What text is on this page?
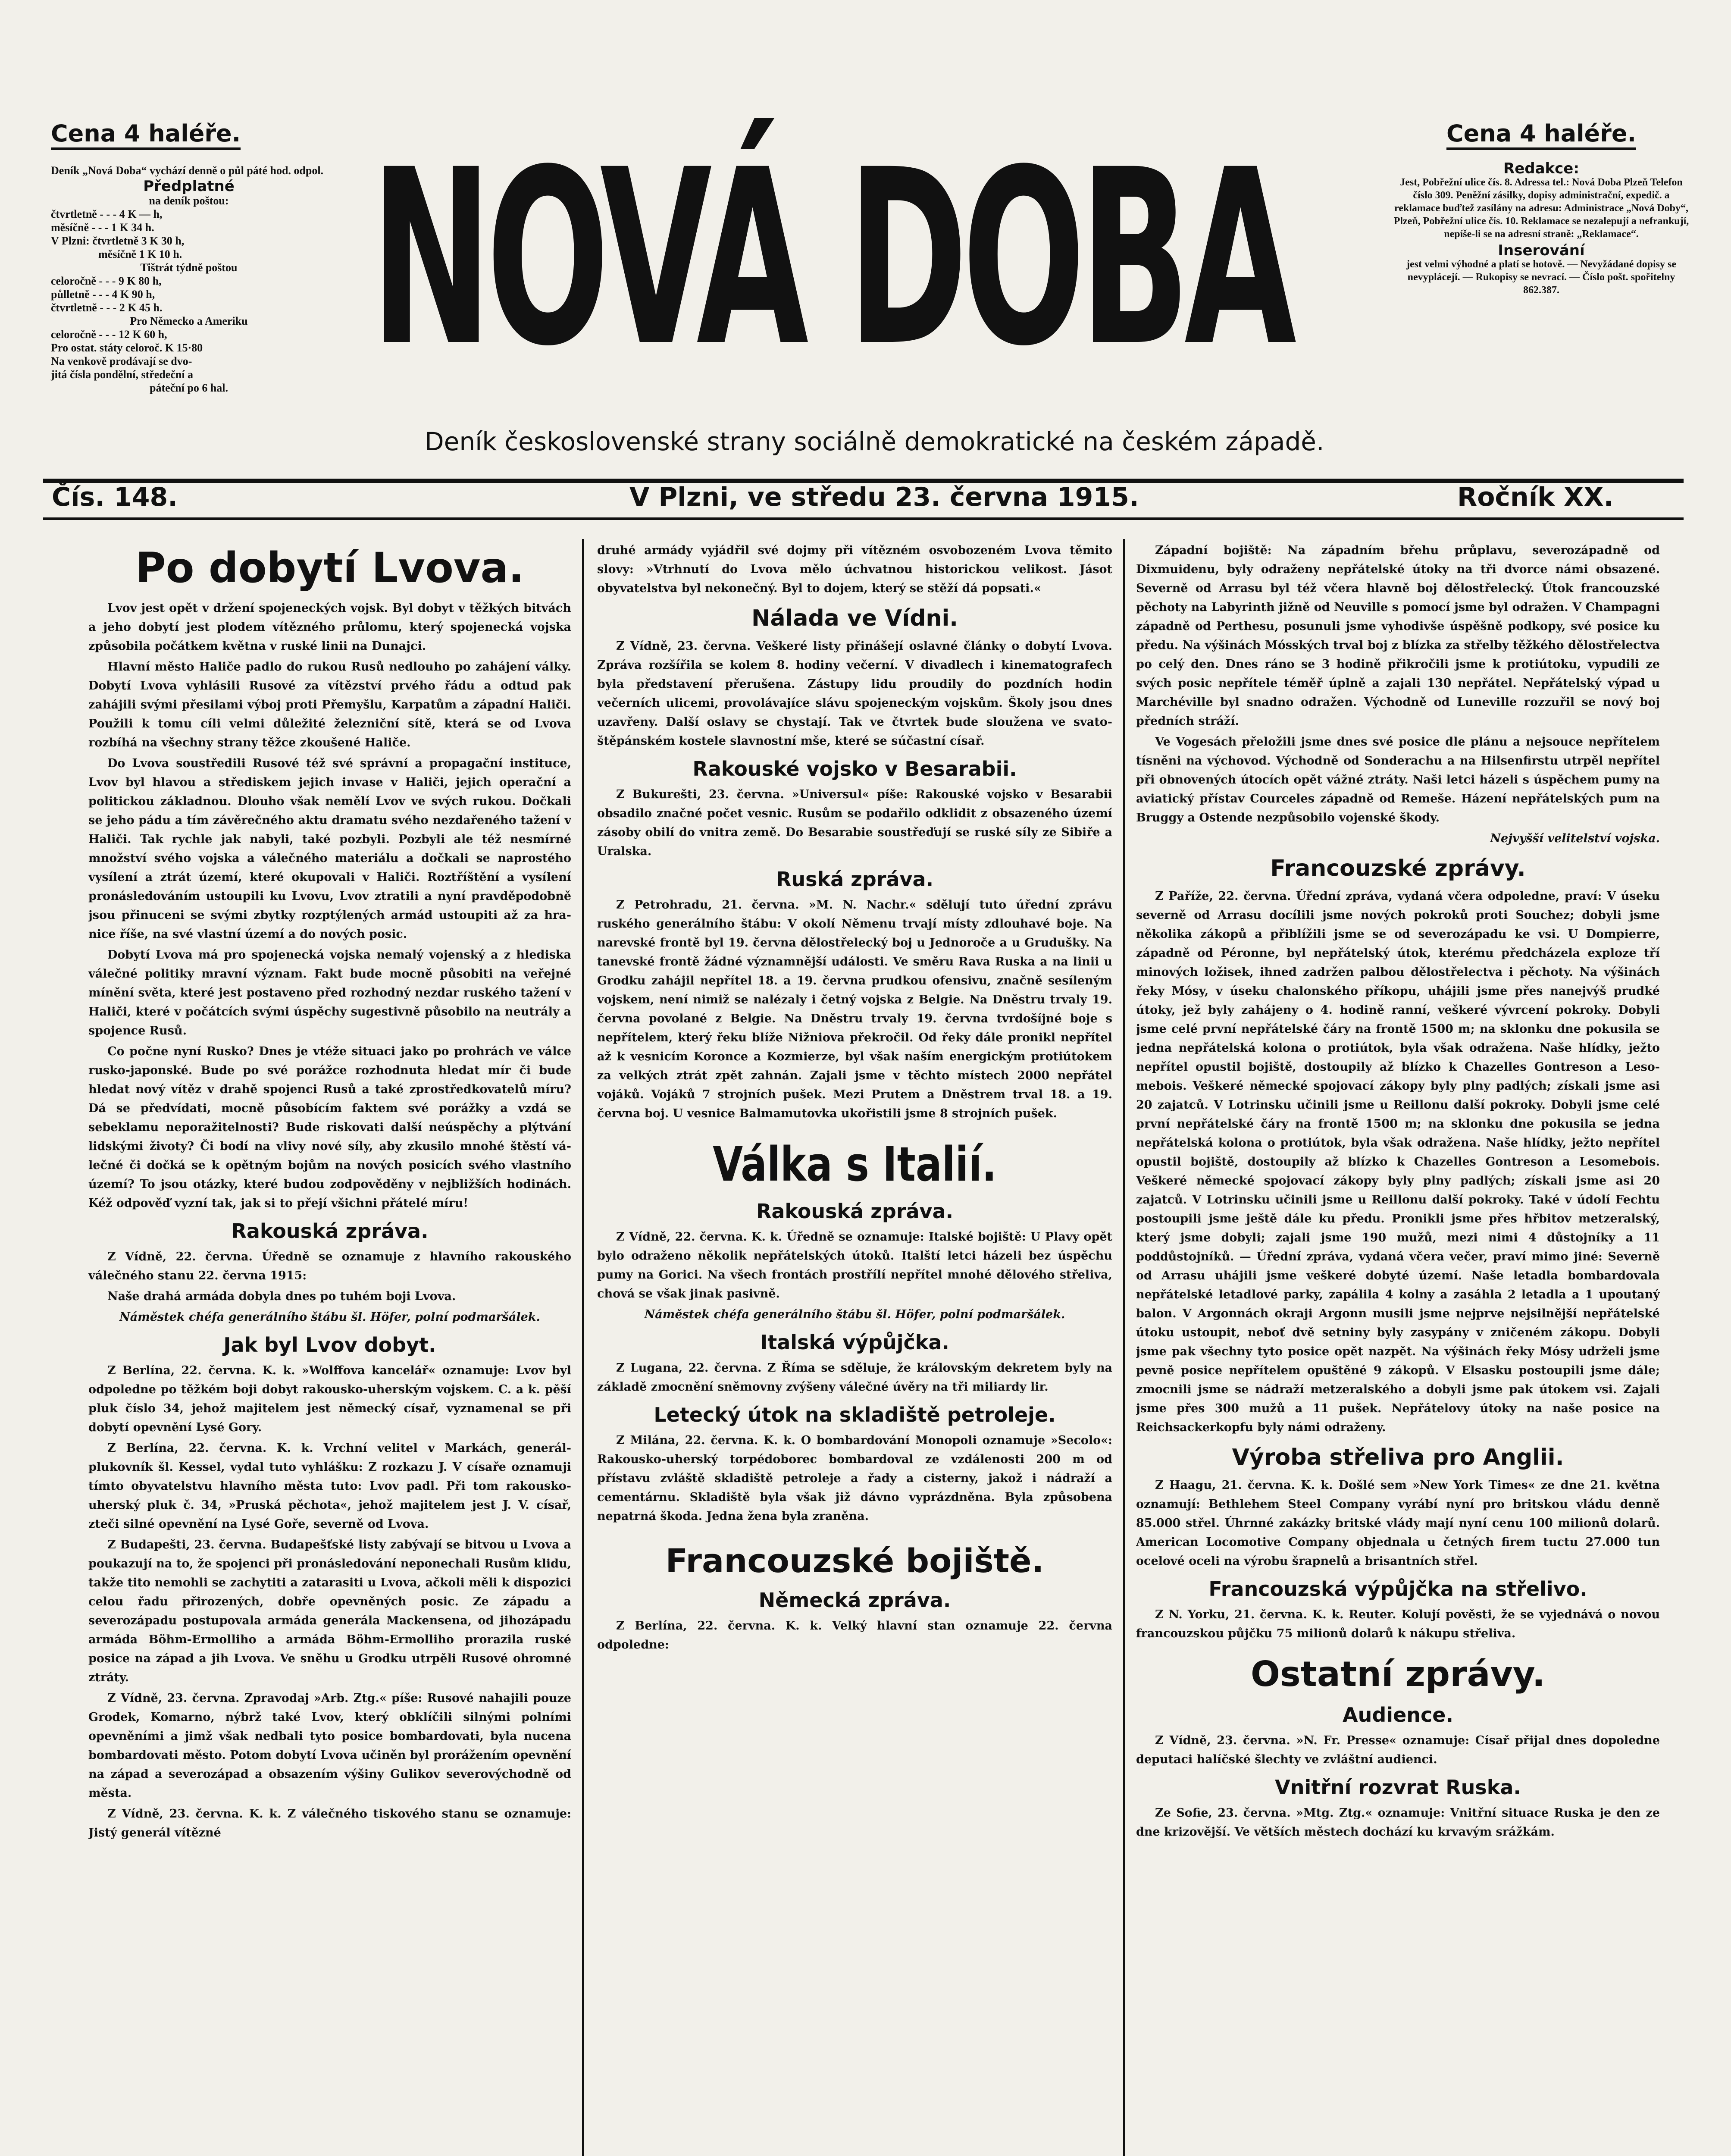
Cena 4 haléře.
Deník „Nová Doba“ vychází denně o půl páté hod. odpol.
Předplatné
na deník poštou:
čtvrtletně - - - 4 K — h,
měsíčně - - - 1 K 34 h.
V Plzni: čtvrtletně 3 K 30 h,
měsíčně 1 K 10 h.
Tištrát týdně poštou
celoročně - - - 9 K 80 h,
půlletně - - - 4 K 90 h,
čtvrtletně - - - 2 K 45 h.
Pro Německo a Ameriku
celoročně - - - 12 K 60 h,
Pro ostat. státy celoroč. K 15·80
Na venkově prodávají se dvo-
jitá čísla pondělní, středeční a
páteční po 6 hal. NOVÁ DOBA
Deník československé strany sociálně demokratické na českém západě.
Cena 4 haléře.
Redakce:
Jest, Pobřežní ulice čís. 8. Adressa tel.: Nová Doba Plzeň Telefon číslo 309. Peněžní zásilky, dopisy administrační, expedič. a reklamace buďtež zasílány na adresu: Administrace „Nová Doby“, Plzeň, Pobřežní ulice čís. 10. Reklamace se nezalepují a nefrankují, nepíše-li se na adresní straně: „Reklamace“.
Inserování
jest velmi výhodné a platí se hotově. — Nevyžádané dopisy se nevyplácejí. — Rukopisy se nevrací. — Číslo pošt. spořitelny 862.387.
Čís. 148.	V Plzni, ve středu 23. června 1915.	Ročník XX.
Po dobytí Lvova.

Lvov jest opět v držení spojeneckých vojsk. Byl dobyt v těžkých bitvách a jeho dobytí jest plodem vítězného průlomu, který spojenecká vojska způsobila počátkem května v ruské linii na Dunajci.

Hlavní město Haliče padlo do rukou Rusů nedlouho po zahájení války. Dobytí Lvova vyhlásili Rusové za vítězství prvého řádu a odtud pak zahájili svými přesilami výboj proti Přemyšlu, Karpatům a západní Haliči. Použili k tomu cíli velmi důležité železniční sítě, která se od Lvova rozbíhá na všechny strany těžce zkoušené Haliče.

Do Lvova soustředili Rusové též své správní a propagační instituce, Lvov byl hlavou a střediskem jejich invase v Haliči, jejich operační a politickou základnou. Dlouho však nemělí Lvov ve svých rukou. Dočkali se jeho pádu a tím závěrečného aktu dramatu svého nezdařeného tažení v Haliči. Tak rychle jak nabyli, také pozbyli. Pozbyli ale též nesmírné množství svého vojska a válečného materiálu a dočkali se naprostého vysílení a ztrát území, které okupovali v Haliči. Roztříštění a vysílení pronásledováním ustoupili ku Lvovu, Lvov ztratili a nyní pravděpodobně jsou přinuceni se svými zbytky rozptýlených armád ustoupiti až za hranice říše, na své vlastní území a do nových posic.

Dobytí Lvova má pro spojenecká vojska nemalý vojenský a z hlediska válečné politiky mravní význam. Fakt bude mocně působiti na veřejné mínění světa, které jest postaveno před rozhodný nezdar ruského tažení v Haliči, které v počátcích svými úspěchy sugestivně působilo na neutrály a spojence Rusů.

Co počne nyní Rusko? Dnes je vtéže situaci jako po prohrách ve válce rusko-japonské. Bude po své porážce rozhodnuta hledat mír či bude hledat nový vítěz v drahě spojenci Rusů a také zprostředkovatelů míru? Dá se předvídati, mocně působícím faktem své porážky a vzdá se sebeklamu neporažitelnosti? Bude riskovati další neúspěchy a plýtvání lidskými životy? Či bodí na vlivy nové síly, aby zkusilo mnohé štěstí válečné či dočká se k opětným bojům na nových posicích svého vlastního území? To jsou otázky, které budou zodpověděny v nejbližších hodinách. Kéž odpověď vyzní tak, jak si to přejí všichni přátelé míru!

Rakouská zpráva.

Z Vídně, 22. června. Úředně se oznamuje z hlavního rakouského válečného stanu 22. června 1915:

Naše drahá armáda dobyla dnes po tuhém boji Lvova.

Náměstek chéfa generálního štábu šl. Höfer, polní podmaršálek.
Jak byl Lvov dobyt.

Z Berlína, 22. června. K. k. »Wolffova kancelář« oznamuje: Lvov byl odpoledne po těžkém boji dobyt rakousko-uherským vojskem. C. a k. pěší pluk číslo 34, jehož majitelem jest německý císař, vyznamenal se při dobytí opevnění Lysé Gory.

Z Berlína, 22. června. K. k. Vrchní velitel v Markách, generál-plukovník šl. Kessel, vydal tuto vyhlášku: Z rozkazu J. V císaře oznamuji tímto obyvatelstvu hlavního města tuto: Lvov padl. Při tom rakousko-uherský pluk č. 34, »Pruská pěchota«, jehož majitelem jest J. V. císař, zteči silné opevnění na Lysé Goře, severně od Lvova.

Z Budapešti, 23. června. Budapešťské listy zabývají se bitvou u Lvova a poukazují na to, že spojenci při pronásledování neponechali Rusům klidu, takže tito nemohli se zachytiti a zatarasiti u Lvova, ačkoli měli k dispozici celou řadu přirozených, dobře opevněných posic. Ze západu a severozápadu postupovala armáda generála Mackensena, od jihozápadu armáda Böhm-Ermolliho a armáda Böhm-Ermolliho prorazila ruské posice na západ a jih Lvova. Ve sněhu u Grodku utrpěli Rusové ohromné ztráty.

Z Vídně, 23. června. Zpravodaj »Arb. Ztg.« píše: Rusové nahajili pouze Grodek, Komarno, nýbrž také Lvov, který obklíčili silnými polními opevněními a jimž však nedbali tyto posice bombardovati, byla nucena bombardovati město. Potom dobytí Lvova učiněn byl prorážením opevnění na západ a severozápad a obsazením výšiny Gulikov severovýchodně od města.

Z Vídně, 23. června. K. k. Z válečného tiskového stanu se oznamuje: Jistý generál vítězné

druhé armády vyjádřil své dojmy při vítězném osvobozeném Lvova těmito slovy: »Vtrhnutí do Lvova mělo úchvatnou historickou velikost. Jásot obyvatelstva byl nekonečný. Byl to dojem, který se stěží dá popsati.«

Nálada ve Vídni.

Z Vídně, 23. června. Veškeré listy přinášejí oslavné články o dobytí Lvova. Zpráva rozšířila se kolem 8. hodiny večerní. V divadlech i kinematografech byla představení přerušena. Zástupy lidu proudily do pozdních hodin večerních ulicemi, provolávajíce slávu spojeneckým vojskům. Školy jsou dnes uzavřeny. Další oslavy se chystají. Tak ve čtvrtek bude sloužena ve svatoštěpánském kostele slavnostní mše, které se súčastní císař.

Rakouské vojsko v Besarabii.

Z Bukurešti, 23. června. »Universul« píše: Rakouské vojsko v Besarabii obsadilo značné počet vesnic. Rusům se podařilo odklidit z obsazeného území zásoby obilí do vnitra země. Do Besarabie soustřeďují se ruské síly ze Sibiře a Uralska.

Ruská zpráva.

Z Petrohradu, 21. června. »M. N. Nachr.« sdělují tuto úřední zprávu ruského generálního štábu: V okolí Němenu trvají místy zdlouhavé boje. Na narevské frontě byl 19. června dělostřelecký boj u Jednoroče a u Grudušky. Na tanevské frontě žádné významnější události. Ve směru Rava Ruska a na linii u Grodku zahájil nepřítel 18. a 19. června prudkou ofensivu, značně sesíleným vojskem, není nimiž se nalézaly i četný vojska z Belgie. Na Dněstru trvaly 19. června povolané z Belgie. Na Dněstru trvaly 19. června tvrdošíjné boje s nepřítelem, který řeku blíže Nižniova překročil. Od řeky dále pronikl nepřítel až k vesnicím Koronce a Kozmierze, byl však naším energickým protiútokem za velkých ztrát zpět zahnán. Zajali jsme v těchto místech 2000 nepřátel vojáků. Vojáků 7 strojních pušek. Mezi Prutem a Dněstrem trval 18. a 19. června boj. U vesnice Balmamutovka ukořistili jsme 8 strojních pušek.

Válka s Italií.
Rakouská zpráva.

Z Vídně, 22. června. K. k. Úředně se oznamuje: Italské bojiště: U Plavy opět bylo odraženo několik nepřátelských útoků. Italští letci házeli bez úspěchu pumy na Gorici. Na všech frontách prostřílí nepřítel mnohé dělového střeliva, chová se však jinak pasivně.

Náměstek chéfa generálního štábu šl. Höfer, polní podmaršálek.
Italská výpůjčka.

Z Lugana, 22. června. Z Říma se sděluje, že královským dekretem byly na základě zmocnění sněmovny zvýšeny válečné úvěry na tři miliardy lir.

Letecký útok na skladiště petroleje.

Z Milána, 22. června. K. k. O bombardování Monopoli oznamuje »Secolo«: Rakousko-uherský torpédoborec bombardoval ze vzdálenosti 200 m od přístavu zvláště skladiště petroleje a řady a cisterny, jakož i nádraží a cementárnu. Skladiště byla však již dávno vyprázdněna. Byla způsobena nepatrná škoda. Jedna žena byla zraněna.

Francouzské bojiště.
Německá zpráva.

Z Berlína, 22. června. K. k. Velký hlavní stan oznamuje 22. června odpoledne:

Západní bojiště: Na západním břehu průplavu, severozápadně od Dixmuidenu, byly odraženy nepřátelské útoky na tři dvorce námi obsazené. Severně od Arrasu byl též včera hlavně boj dělostřelecký. Útok francouzské pěchoty na Labyrinth jižně od Neuville s pomocí jsme byl odražen. V Champagni západně od Perthesu, posunuli jsme vyhodivše úspěšně podkopy, své posice ku předu. Na výšinách Mósských trval boj z blízka za střelby těžkého dělostřelectva po celý den. Dnes ráno se 3 hodině přikročili jsme k protiútoku, vypudili ze svých posic nepřítele téměř úplně a zajali 130 nepřátel. Nepřátelský výpad u Marchéville byl snadno odražen. Východně od Luneville rozzuřil se nový boj předních stráží.

Ve Vogesách přeložili jsme dnes své posice dle plánu a nejsouce nepřítelem tísněni na výchovod. Východně od Sonderachu a na Hilsenfirstu utrpěl nepřítel při obnovených útocích opět vážné ztráty. Naši letci házeli s úspěchem pumy na aviatický přístav Courceles západně od Remeše. Házení nepřátelských pum na Bruggy a Ostende nezpůsobilo vojenské škody.

Nejvyšší velitelství vojska.
Francouzské zprávy.

Z Paříže, 22. června. Úřední zpráva, vydaná včera odpoledne, praví: V úseku severně od Arrasu docílili jsme nových pokroků proti Souchez; dobyli jsme několika zákopů a přiblížili jsme se od severozápadu ke vsi. U Dompierre, západně od Péronne, byl nepřátelský útok, kterému předcházela exploze tří minových ložisek, ihned zadržen palbou dělostřelectva i pěchoty. Na výšinách řeky Mósy, v úseku chalonského příkopu, uhájili jsme přes nanejvýš prudké útoky, jež byly zahájeny o 4. hodině ranní, veškeré vývrcení pokroky. Dobyli jsme celé první nepřátelské čáry na frontě 1500 m; na sklonku dne pokusila se jedna nepřátelská kolona o protiútok, byla však odražena. Naše hlídky, ježto nepřítel opustil bojiště, dostoupily až blízko k Chazelles Gontreson a Lesomebois. Veškeré německé spojovací zákopy byly plny padlých; získali jsme asi 20 zajatců. V Lotrinsku učinili jsme u Reillonu další pokroky. Dobyli jsme celé první nepřátelské čáry na frontě 1500 m; na sklonku dne pokusila se jedna nepřátelská kolona o protiútok, byla však odražena. Naše hlídky, ježto nepřítel opustil bojiště, dostoupily až blízko k Chazelles Gontreson a Lesomebois. Veškeré německé spojovací zákopy byly plny padlých; získali jsme asi 20 zajatců. V Lotrinsku učinili jsme u Reillonu další pokroky. Také v údolí Fechtu postoupili jsme ještě dále ku předu. Pronikli jsme přes hřbitov metzeralský, který jsme dobyli; zajali jsme 190 mužů, mezi nimi 4 důstojníky a 11 poddůstojníků. — Úřední zpráva, vydaná včera večer, praví mimo jiné: Severně od Arrasu uhájili jsme veškeré dobyté území. Naše letadla bombardovala nepřátelské letadlové parky, zapálila 4 kolny a zasáhla 2 letadla a 1 upoutaný balon. V Argonnách okraji Argonn musili jsme nejprve nejsilnější nepřátelské útoku ustoupit, neboť dvě setniny byly zasypány v zničeném zákopu. Dobyli jsme pak všechny tyto posice opět nazpět. Na výšinách řeky Mósy udrželi jsme pevně posice nepřítelem opuštěné 9 zákopů. V Elsasku postoupili jsme dále; zmocnili jsme se nádraží metzeralského a dobyli jsme pak útokem vsi. Zajali jsme přes 300 mužů a 11 pušek. Nepřátelovy útoky na naše posice na Reichsackerkopfu byly námi odraženy.

Výroba střeliva pro Anglii.

Z Haagu, 21. června. K. k. Došlé sem »New York Times« ze dne 21. května oznamují: Bethlehem Steel Company vyrábí nyní pro britskou vládu denně 85.000 střel. Úhrnné zakázky britské vlády mají nyní cenu 100 milionů dolarů. American Locomotive Company objednala u četných firem tuctu 27.000 tun ocelové oceli na výrobu šrapnelů a brisantních střel.

Francouzská výpůjčka na střelivo.

Z N. Yorku, 21. června. K. k. Reuter. Kolují pověsti, že se vyjednává o novou francouzskou půjčku 75 milionů dolarů k nákupu střeliva.

Ostatní zprávy.
Audience.

Z Vídně, 23. června. »N. Fr. Presse« oznamuje: Císař přijal dnes dopoledne deputaci halíčské šlechty ve zvláštní audienci.

Vnitřní rozvrat Ruska.

Ze Sofie, 23. června. »Mtg. Ztg.« oznamuje: Vnitřní situace Ruska je den ze dne krizovější. Ve větších městech dochází ku krvavým srážkám.
